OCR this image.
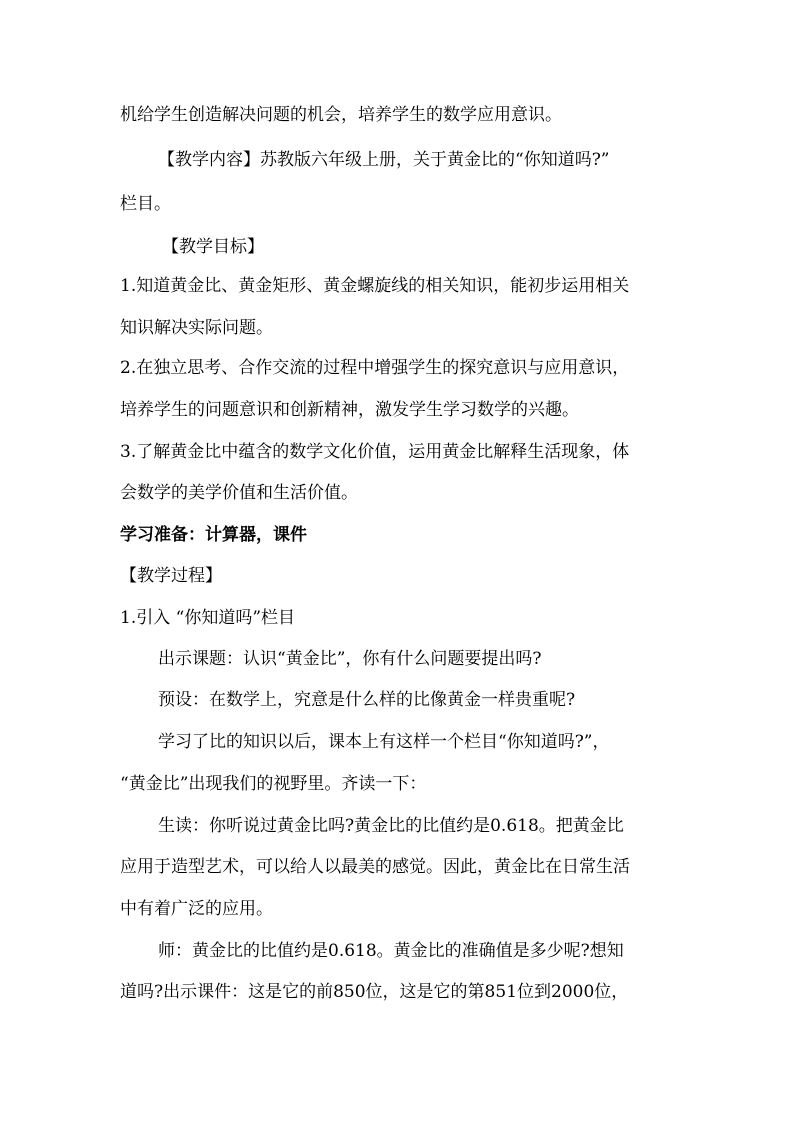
机给学生创造解决问题的机会，培养学生的数学应用意识。
【教学内容】苏教版六年级上册，关于黄金比的“你知道吗?”
栏目。
【教学目标】
1.知道黄金比、黄金矩形、黄金螺旋线的相关知识，能初步运用相关
知识解决实际问题。
2.在独立思考、合作交流的过程中增强学生的探究意识与应用意识，
培养学生的问题意识和创新精神，激发学生学习数学的兴趣。
3.了解黄金比中蕴含的数学文化价值，运用黄金比解释生活现象，体
会数学的美学价值和生活价值。
学习准备：计算器，课件
【教学过程】
1.引入 “你知道吗”栏目
出示课题：认识“黄金比”，你有什么问题要提出吗?
预设：在数学上，究意是什么样的比像黄金一样贵重呢?
学习了比的知识以后，课本上有这样一个栏目“你知道吗?”，
“黄金比”出现我们的视野里。齐读一下：
生读：你听说过黄金比吗?黄金比的比值约是0.618。把黄金比
应用于造型艺术，可以给人以最美的感觉。因此，黄金比在日常生活
中有着广泛的应用。
师：黄金比的比值约是0.618。黄金比的准确值是多少呢?想知
道吗?出示课件：这是它的前850位，这是它的第851位到2000位，
